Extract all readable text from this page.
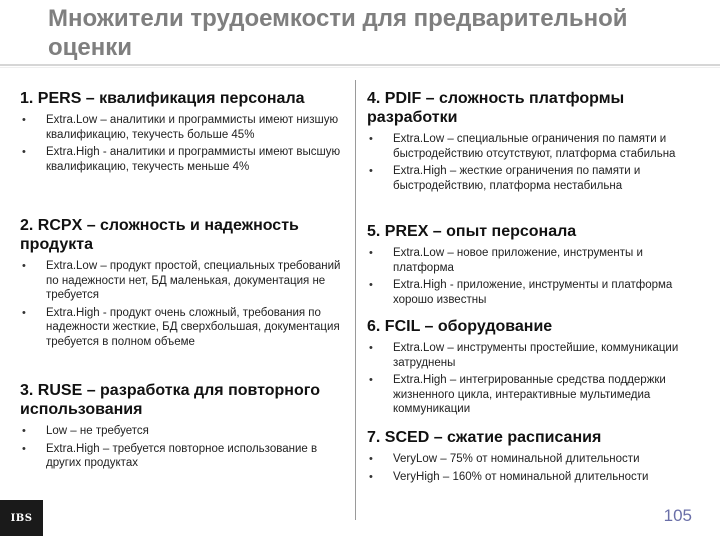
Множители трудоемкости для предварительной оценки
1. PERS – квалификация персонала
• Extra.Low – аналитики и программисты имеют низшую квалификацию, текучесть больше 45%
• Extra.High - аналитики и программисты имеют высшую квалификацию, текучесть меньше 4%
2. RCPX – сложность и надежность продукта
• Extra.Low – продукт простой, специальных требований по надежности нет, БД маленькая, документация не требуется
• Extra.High - продукт очень сложный, требования по надежности жесткие, БД сверхбольшая, документация требуется в полном объеме
3. RUSE – разработка для повторного использования
• Low – не требуется
• Extra.High – требуется повторное использование в других продуктах
4. PDIF – сложность платформы разработки
• Extra.Low – специальные ограничения по памяти и быстродействию отсутствуют, платформа стабильна
• Extra.High – жесткие ограничения по памяти и быстродействию, платформа нестабильна
5. PREX – опыт персонала
• Extra.Low – новое приложение, инструменты и платформа
• Extra.High - приложение, инструменты и платформа хорошо известны
6. FCIL – оборудование
• Extra.Low – инструменты простейшие, коммуникации затруднены
• Extra.High – интегрированные средства поддержки жизненного цикла, интерактивные мультимедиа коммуникации
7. SCED – сжатие расписания
• VeryLow – 75% от номинальной длительности
• VeryHigh – 160% от номинальной длительности
IBS	105
